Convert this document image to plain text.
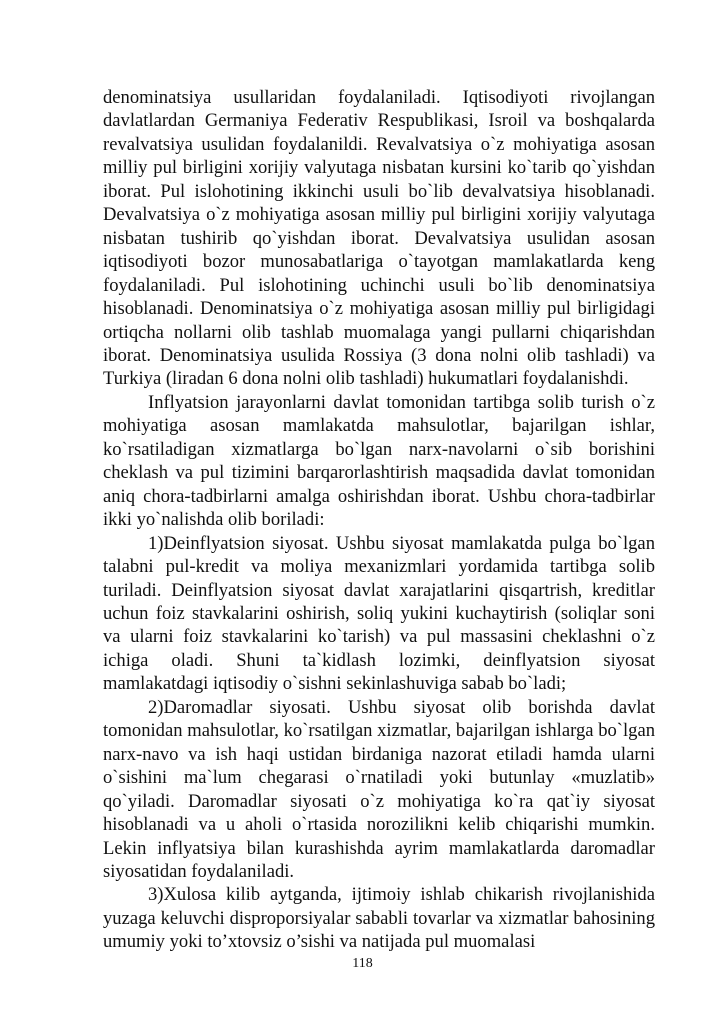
denominatsiya usullaridan foydalaniladi. Iqtisodiyoti rivojlangan davlatlardan Germaniya Federativ Respublikasi, Isroil va boshqalarda revalvatsiya usulidan foydalanildi. Revalvatsiya o`z mohiyatiga asosan milliy pul birligini xorijiy valyutaga nisbatan kursini ko`tarib qo`yishdan iborat. Pul islohotining ikkinchi usuli bo`lib devalvatsiya hisoblanadi. Devalvatsiya o`z mohiyatiga asosan milliy pul birligini xorijiy valyutaga nisbatan tushirib qo`yishdan iborat. Devalvatsiya usulidan asosan iqtisodiyoti bozor munosabatlariga o`tayotgan mamlakatlarda keng foydalaniladi. Pul islohotining uchinchi usuli bo`lib denominatsiya hisoblanadi. Denominatsiya o`z mohiyatiga asosan milliy pul birligidagi ortiqcha nollarni olib tashlab muomalaga yangi pullarni chiqarishdan iborat. Denominatsiya usulida Rossiya (3 dona nolni olib tashladi) va Turkiya (liradan 6 dona nolni olib tashladi) hukumatlari foydalanishdi.

Inflyatsion jarayonlarni davlat tomonidan tartibga solib turish o`z mohiyatiga asosan mamlakatda mahsulotlar, bajarilgan ishlar, ko`rsatiladigan xizmatlarga bo`lgan narx-navolarni o`sib borishini cheklash va pul tizimini barqarorlashtirish maqsadida davlat tomonidan aniq chora-tadbirlarni amalga oshirishdan iborat. Ushbu chora-tadbirlar ikki yo`nalishda olib boriladi:

1)Deinflyatsion siyosat. Ushbu siyosat mamlakatda pulga bo`lgan talabni pul-kredit va moliya mexanizmlari yordamida tartibga solib turiladi. Deinflyatsion siyosat davlat xarajatlarini qisqartrish, kreditlar uchun foiz stavkalarini oshirish, soliq yukini kuchaytirish (soliqlar soni va ularni foiz stavkalarini ko`tarish) va pul massasini cheklashni o`z ichiga oladi. Shuni ta`kidlash lozimki, deinflyatsion siyosat mamlakatdagi iqtisodiy o`sishni sekinlashuviga sabab bo`ladi;

2)Daromadlar siyosati. Ushbu siyosat olib borishda davlat tomonidan mahsulotlar, ko`rsatilgan xizmatlar, bajarilgan ishlarga bo`lgan narx-navo va ish haqi ustidan birdaniga nazorat etiladi hamda ularni o`sishini ma`lum chegarasi o`rnatiladi yoki butunlay «muzlatib» qo`yiladi. Daromadlar siyosati o`z mohiyatiga ko`ra qat`iy siyosat hisoblanadi va u aholi o`rtasida norozilikni kelib chiqarishi mumkin. Lekin inflyatsiya bilan kurashishda ayrim mamlakatlarda daromadlar siyosatidan foydalaniladi.

3)Xulosa kilib aytganda, ijtimoiy ishlab chikarish rivojlanishida yuzaga keluvchi disproporsiyalar sababli tovarlar va xizmatlar bahosining umumiy yoki to’xtovsiz o’sishi va natijada pul muomalasi

118
